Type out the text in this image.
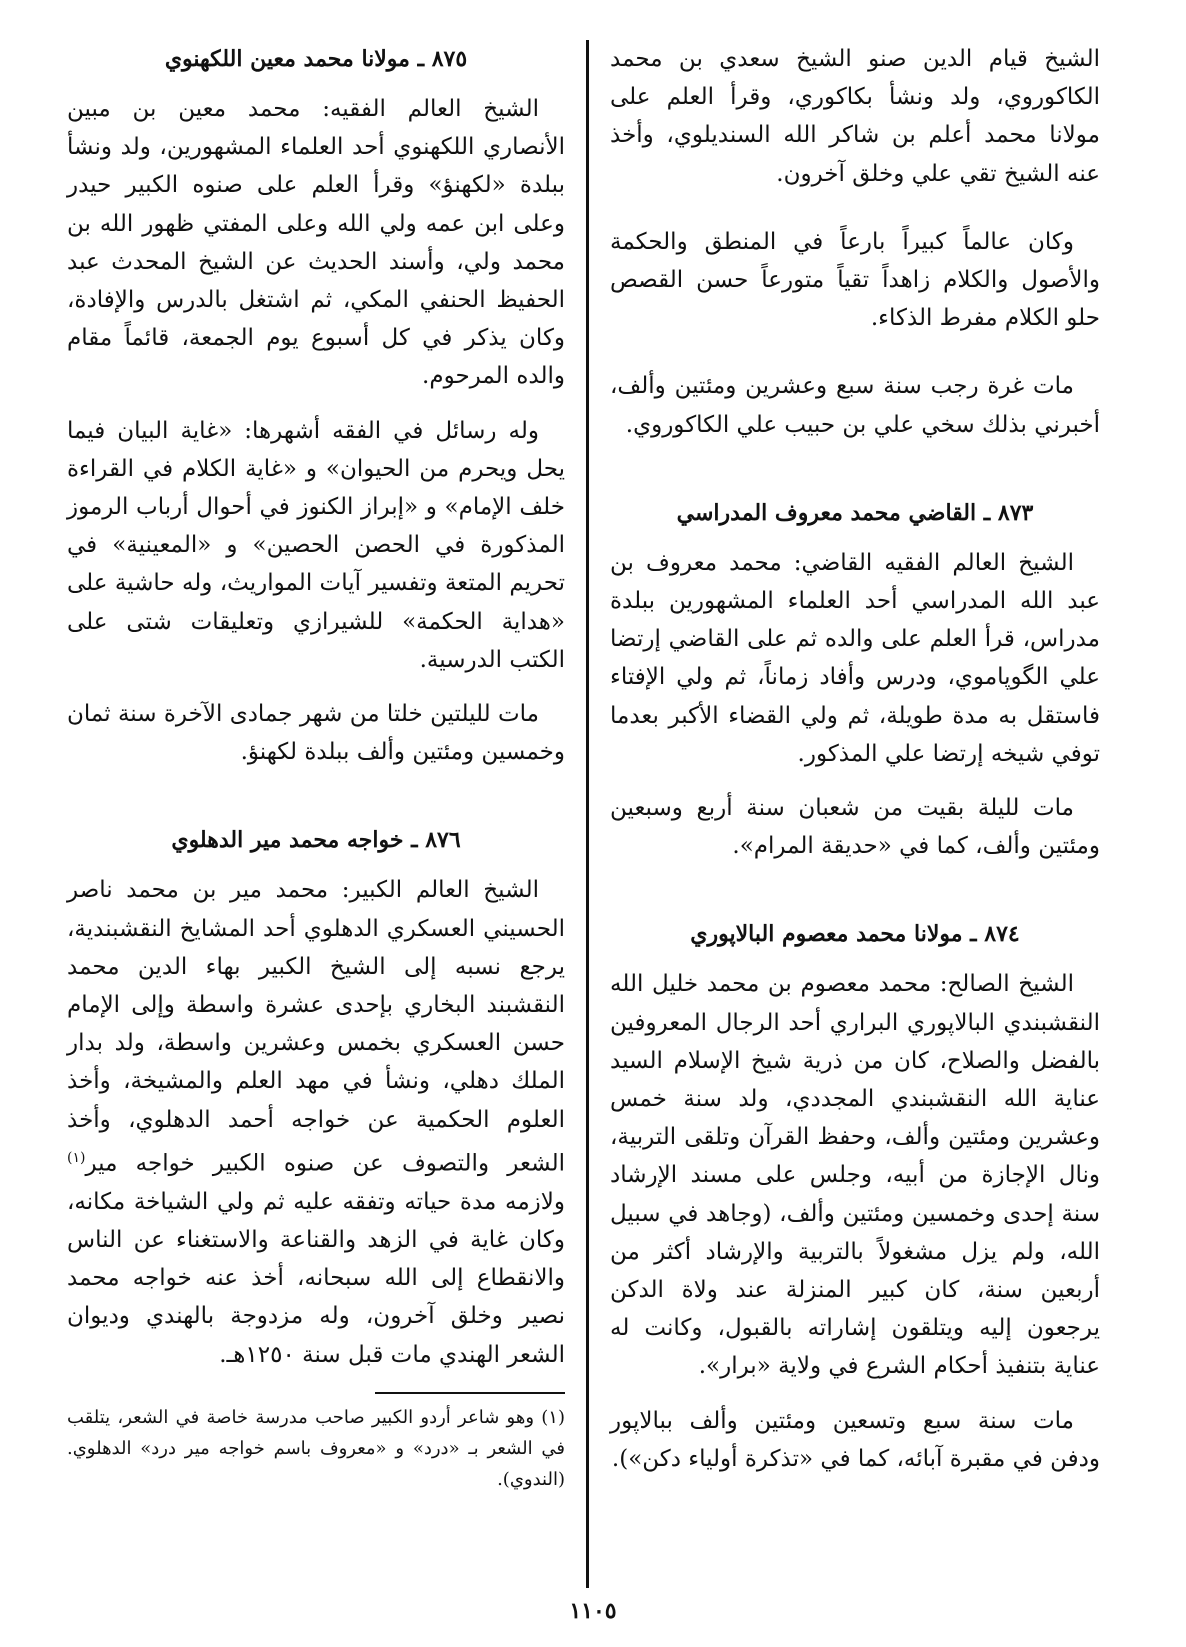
الشيخ قيام الدين صنو الشيخ سعدي بن محمد الكاكوروي، ولد ونشأ بكاكوري، وقرأ العلم على مولانا محمد أعلم بن شاكر الله السنديلوي، وأخذ عنه الشيخ تقي علي وخلق آخرون.

وكان عالماً كبيراً بارعاً في المنطق والحكمة والأصول والكلام زاهداً تقياً متورعاً حسن القصص حلو الكلام مفرط الذكاء.

مات غرة رجب سنة سبع وعشرين ومئتين وألف، أخبرني بذلك سخي علي بن حبيب علي الكاكوروي.

٨٧٣ ـ القاضي محمد معروف المدراسي

الشيخ العالم الفقيه القاضي: محمد معروف بن عبد الله المدراسي أحد العلماء المشهورين ببلدة مدراس، قرأ العلم على والده ثم على القاضي إرتضا علي الگوپاموي، ودرس وأفاد زماناً، ثم ولي الإفتاء فاستقل به مدة طويلة، ثم ولي القضاء الأكبر بعدما توفي شيخه إرتضا علي المذكور.

مات لليلة بقيت من شعبان سنة أربع وسبعين ومئتين وألف، كما في «حديقة المرام».

٨٧٤ ـ مولانا محمد معصوم البالاپوري

الشيخ الصالح: محمد معصوم بن محمد خليل الله النقشبندي البالاپوري البراري أحد الرجال المعروفين بالفضل والصلاح، كان من ذرية شيخ الإسلام السيد عناية الله النقشبندي المجددي، ولد سنة خمس وعشرين ومئتين وألف، وحفظ القرآن وتلقى التربية، ونال الإجازة من أبيه، وجلس على مسند الإرشاد سنة إحدى وخمسين ومئتين وألف، (وجاهد في سبيل الله، ولم يزل مشغولاً بالتربية والإرشاد أكثر من أربعين سنة، كان كبير المنزلة عند ولاة الدكن يرجعون إليه ويتلقون إشاراته بالقبول، وكانت له عناية بتنفيذ أحكام الشرع في ولاية «برار».

مات سنة سبع وتسعين ومئتين وألف ببالاپور ودفن في مقبرة آبائه، كما في «تذكرة أولياء دكن»).

٨٧٥ ـ مولانا محمد معين اللكهنوي

الشيخ العالم الفقيه: محمد معين بن مبين الأنصاري اللكهنوي أحد العلماء المشهورين، ولد ونشأ ببلدة «لكهنؤ» وقرأ العلم على صنوه الكبير حيدر وعلى ابن عمه ولي الله وعلى المفتي ظهور الله بن محمد ولي، وأسند الحديث عن الشيخ المحدث عبد الحفيظ الحنفي المكي، ثم اشتغل بالدرس والإفادة، وكان يذكر في كل أسبوع يوم الجمعة، قائماً مقام والده المرحوم.

وله رسائل في الفقه أشهرها: «غاية البيان فيما يحل ويحرم من الحيوان» و «غاية الكلام في القراءة خلف الإمام» و «إبراز الكنوز في أحوال أرباب الرموز المذكورة في الحصن الحصين» و «المعينية» في تحريم المتعة وتفسير آيات المواريث، وله حاشية على «هداية الحكمة» للشيرازي وتعليقات شتى على الكتب الدرسية.

مات لليلتين خلتا من شهر جمادى الآخرة سنة ثمان وخمسين ومئتين وألف ببلدة لكهنؤ.

٨٧٦ ـ خواجه محمد مير الدهلوي

الشيخ العالم الكبير: محمد مير بن محمد ناصر الحسيني العسكري الدهلوي أحد المشايخ النقشبندية، يرجع نسبه إلى الشيخ الكبير بهاء الدين محمد النقشبند البخاري بإحدى عشرة واسطة وإلى الإمام حسن العسكري بخمس وعشرين واسطة، ولد بدار الملك دهلي، ونشأ في مهد العلم والمشيخة، وأخذ العلوم الحكمية عن خواجه أحمد الدهلوي، وأخذ الشعر والتصوف عن صنوه الكبير خواجه مير$^{(١)}$ ولازمه مدة حياته وتفقه عليه ثم ولي الشياخة مكانه، وكان غاية في الزهد والقناعة والاستغناء عن الناس والانقطاع إلى الله سبحانه، أخذ عنه خواجه محمد نصير وخلق آخرون، وله مزدوجة بالهندي وديوان الشعر الهندي مات قبل سنة ١٢٥٠هـ.

(١) وهو شاعر أردو الكبير صاحب مدرسة خاصة في الشعر، يتلقب في الشعر بـ «درد» و «معروف باسم خواجه مير درد» الدهلوي. (الندوي).

١١٠٥
